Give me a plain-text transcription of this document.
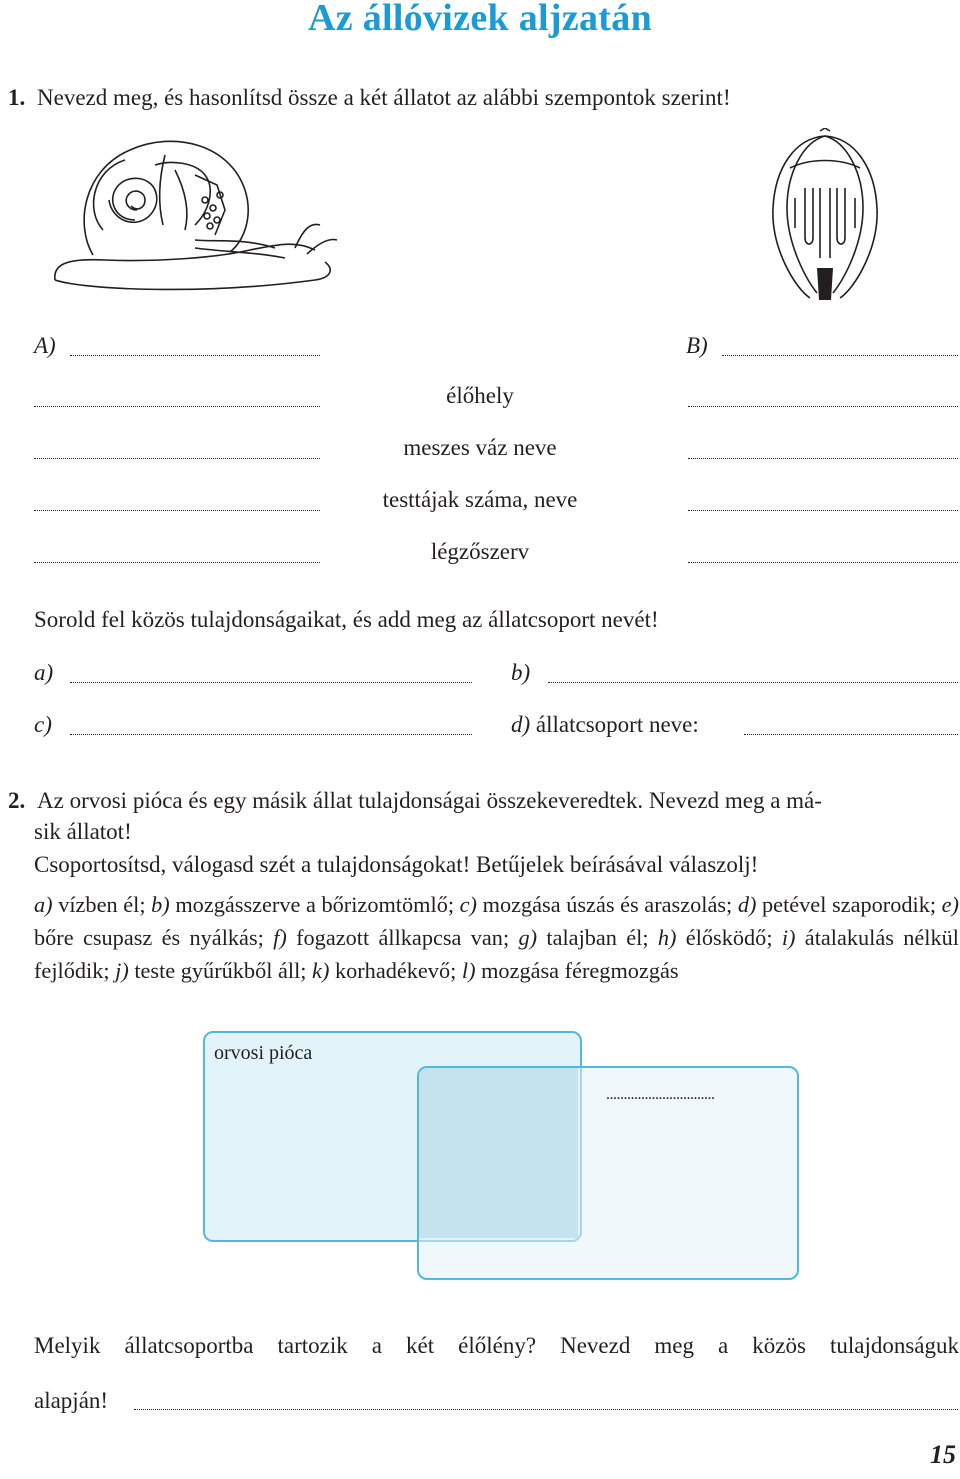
Az állóvizek aljzatán
1. Nevezd meg, és hasonlítsd össze a két állatot az alábbi szempontok szerint!
A)	B)
élőhely
meszes váz neve
testtájak száma, neve
légzőszerv
Sorold fel közös tulajdonságaikat, és add meg az állatcsoport nevét!
a)	b)
c)	d) állatcsoport neve:
2. Az orvosi pióca és egy másik állat tulajdonságai összekeveredtek. Nevezd meg a má-
sik állatot!
Csoportosítsd, válogasd szét a tulajdonságokat! Betűjelek beírásával válaszolj!
a) vízben él; b) mozgásszerve a bőrizomtömlő; c) mozgása úszás és araszolás; d) petével szaporodik; e) bőre csupasz és nyálkás; f) fogazott állkapcsa van; g) talajban él; h) élősködő; i) átalakulás nélkül fejlődik; j) teste gyűrűkből áll; k) korhadékevő; l) mozgása féregmozgás
orvosi pióca
...............................
Melyik állatcsoportba tartozik a két élőlény? Nevezd meg a közös tulajdonságuk
alapján!
15
